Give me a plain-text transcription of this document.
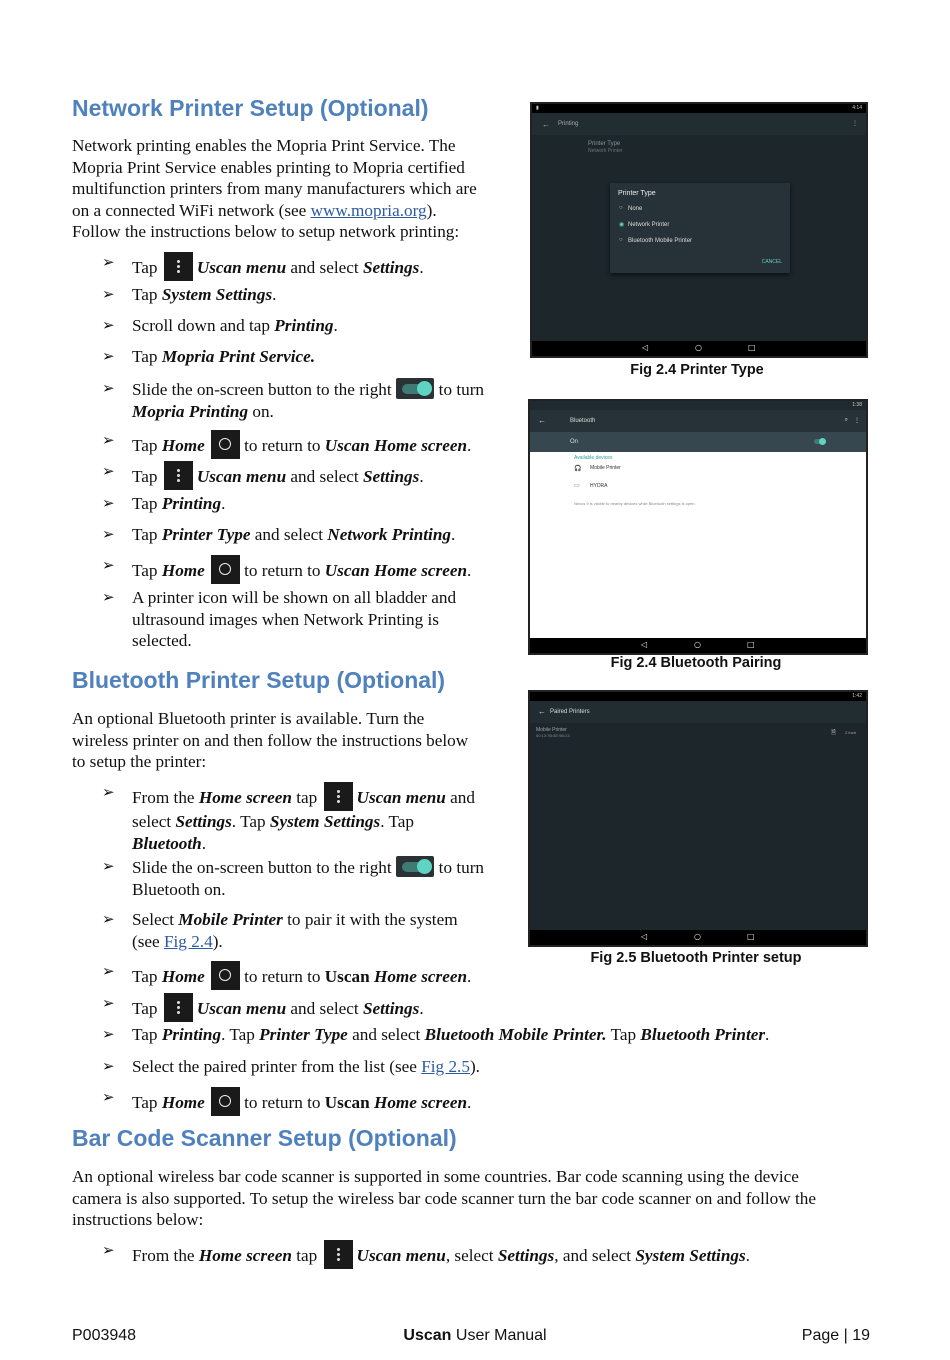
Network Printer Setup (Optional)

Network printing enables the Mopria Print Service. The
Mopria Print Service enables printing to Mopria certified
multifunction printers from many manufacturers which are
on a connected WiFi network (see www.mopria.org).
Follow the instructions below to setup network printing:

➢ Tap Uscan menu and select Settings.
➢ Tap System Settings.
➢ Scroll down and tap Printing.
➢ Tap Mopria Print Service.
➢ Slide the on-screen button to the right	to turn
Mopria Printing on.
➢ Tap Home to return to Uscan Home screen.
➢ Tap Uscan menu and select Settings.
➢ Tap Printing.
➢ Tap Printer Type and select Network Printing.
➢ Tap Home to return to Uscan Home screen.
➢ A printer icon will be shown on all bladder and
ultrasound images when Network Printing is
selected.
Bluetooth Printer Setup (Optional)

An optional Bluetooth printer is available. Turn the
wireless printer on and then follow the instructions below
to setup the printer:

➢ From the Home screen tap Uscan menu and
select Settings. Tap System Settings. Tap
Bluetooth.
➢ Slide the on-screen button to the right	to turn
Bluetooth on.
➢ Select Mobile Printer to pair it with the system
(see Fig 2.4).
➢ Tap Home to return to Uscan Home screen.
➢ Tap Uscan menu and select Settings.
➢ Tap Printing. Tap Printer Type and select Bluetooth Mobile Printer. Tap Bluetooth Printer.
➢ Select the paired printer from the list (see Fig 2.5).
➢ Tap Home to return to Uscan Home screen.
Bar Code Scanner Setup (Optional)

An optional wireless bar code scanner is supported in some countries. Bar code scanning using the device
camera is also supported. To setup the wireless bar code scanner turn the bar code scanner on and follow the
instructions below:

➢ From the Home screen tap Uscan menu, select Settings, and select System Settings.
▮	4:14
← Printing	⋮
Printer Type
Network Printer
Printer Type
○ None
◉ Network Printer
○ Bluetooth Mobile Printer
CANCEL
◁	○	□
Fig 2.4 Printer Type
1:38
←	Bluetooth	⌕ ⋮
On
Available devices
🎧 Mobile Printer
▭ HYDRA
Nexus 9 is visible to nearby devices while Bluetooth settings is open.
◁	○	□
Fig 2.4 Bluetooth Pairing
1:42
← Paired Printers
Mobile Printer
00:13:7B:5E:9B:23	🗎 2 Inch
◁	○	□
Fig 2.5 Bluetooth Printer setup
P003948	Uscan User Manual	Page | 19
